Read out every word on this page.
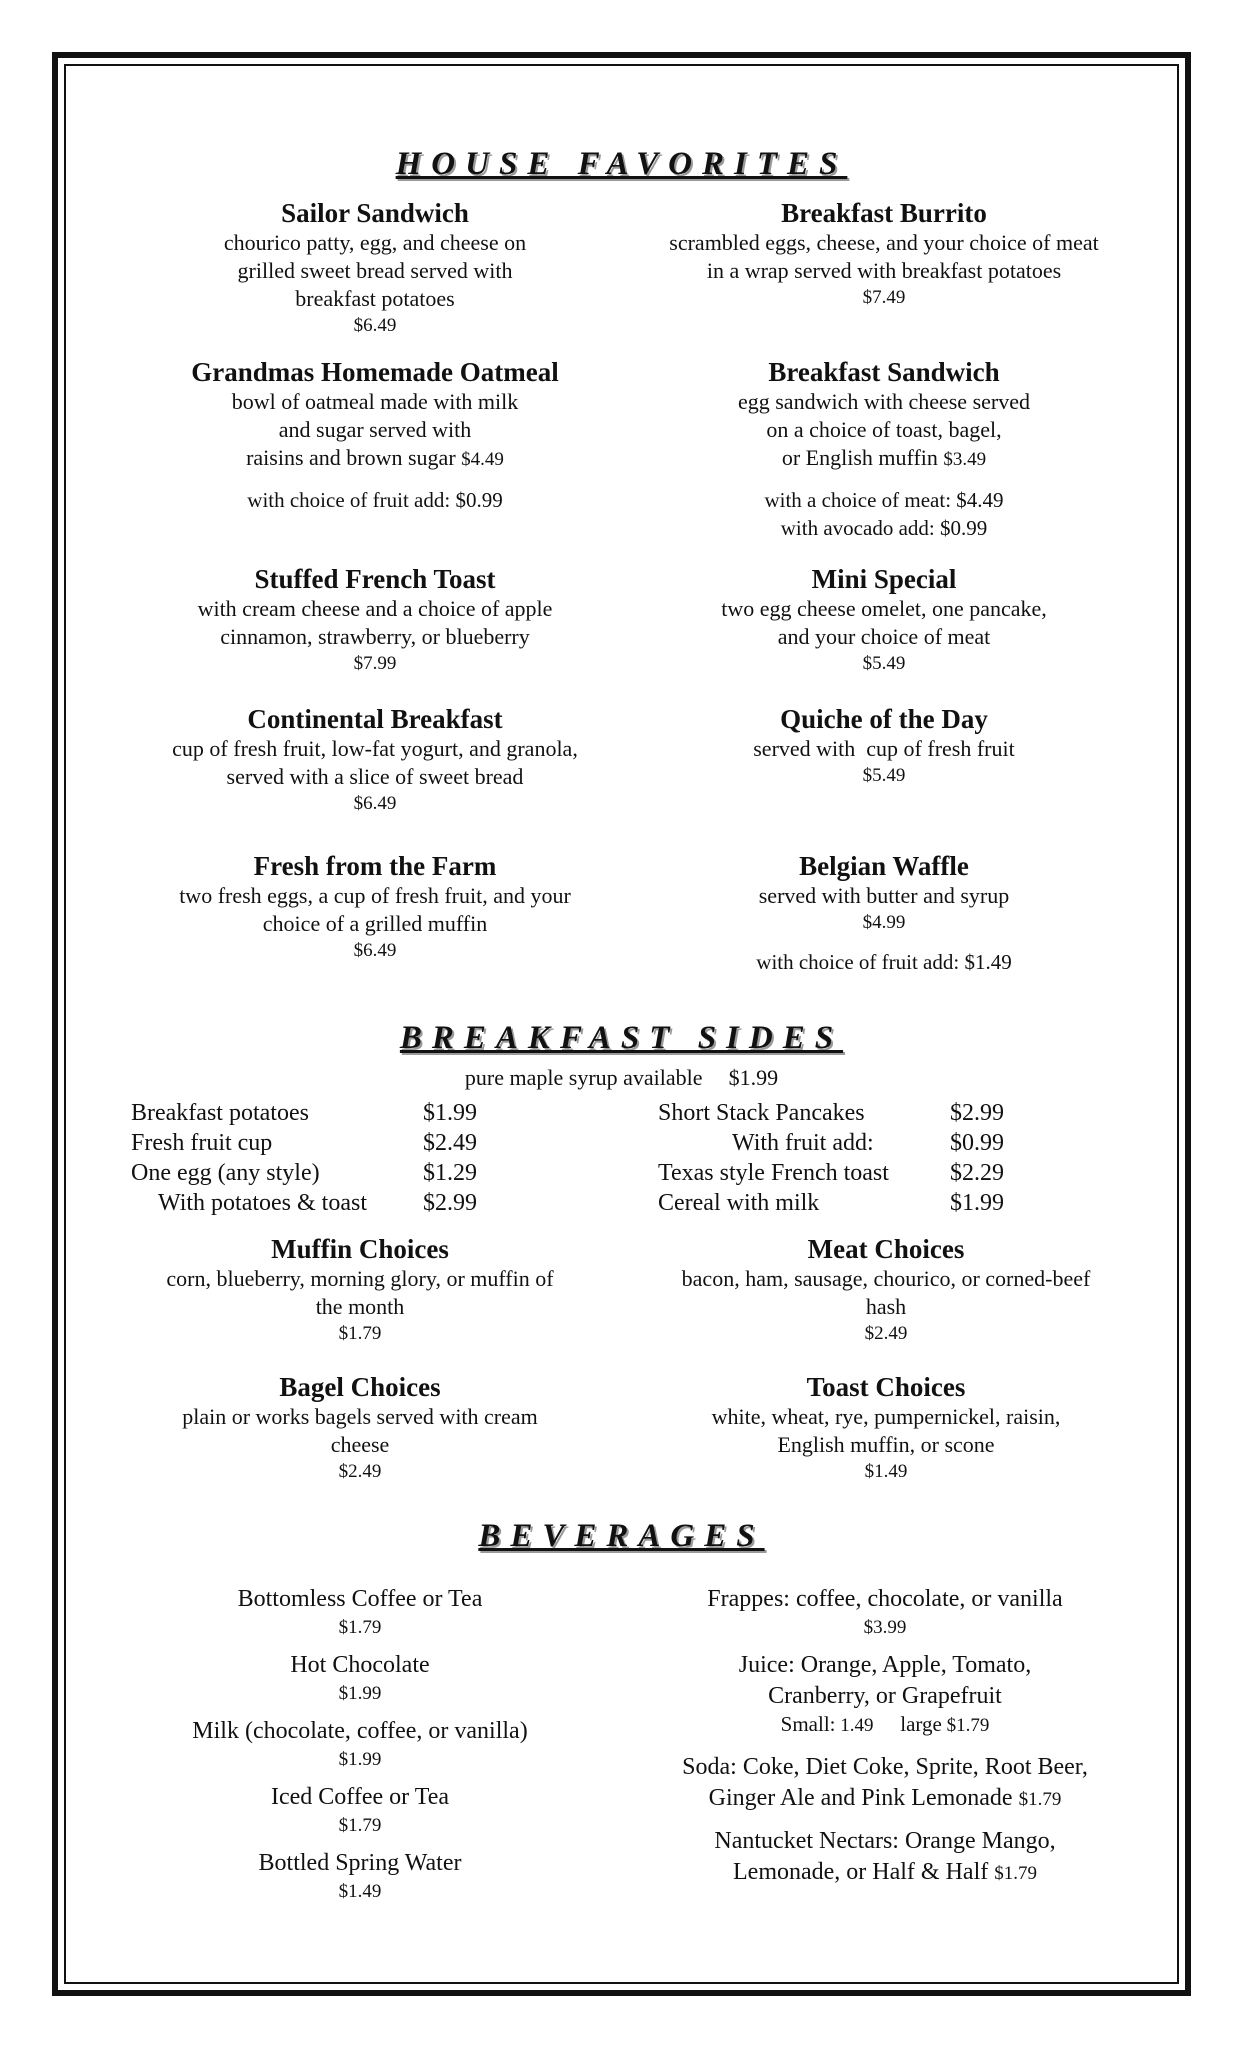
HOUSE FAVORITES

Sailor Sandwich

chourico patty, egg, and cheese on

grilled sweet bread served with

breakfast potatoes

$6.49

Grandmas Homemade Oatmeal

bowl of oatmeal made with milk

and sugar served with

raisins and brown sugar $4.49

with choice of fruit add: $0.99

Stuffed French Toast

with cream cheese and a choice of apple

cinnamon, strawberry, or blueberry

$7.99

Continental Breakfast

cup of fresh fruit, low-fat yogurt, and granola,

served with a slice of sweet bread

$6.49

Fresh from the Farm

two fresh eggs, a cup of fresh fruit, and your

choice of a grilled muffin

$6.49

Breakfast Burrito

scrambled eggs, cheese, and your choice of meat

in a wrap served with breakfast potatoes

$7.49

Breakfast Sandwich

egg sandwich with cheese served

on a choice of toast, bagel,

or English muffin $3.49

with a choice of meat: $4.49

with avocado add: $0.99

Mini Special

two egg cheese omelet, one pancake,

and your choice of meat

$5.49

Quiche of the Day

served with  cup of fresh fruit

$5.49

Belgian Waffle

served with butter and syrup

$4.99

with choice of fruit add: $1.49

BREAKFAST SIDES

pure maple syrup available $1.99

Breakfast potatoes	$1.99
Fresh fruit cup	$2.49
One egg (any style)	$1.29
With potatoes & toast $2.99
Short Stack Pancakes	$2.99
With fruit add:	$0.99
Texas style French toast	$2.29
Cereal with milk	$1.99

Muffin Choices

corn, blueberry, morning glory, or muffin of

the month

$1.79

Meat Choices

bacon, ham, sausage, chourico, or corned-beef

hash

$2.49

Bagel Choices

plain or works bagels served with cream

cheese

$2.49

Toast Choices

white, wheat, rye, pumpernickel, raisin,

English muffin, or scone

$1.49

BEVERAGES

Bottomless Coffee or Tea

$1.79

Hot Chocolate

$1.99

Milk (chocolate, coffee, or vanilla)

$1.99

Iced Coffee or Tea

$1.79

Bottled Spring Water

$1.49

Frappes: coffee, chocolate, or vanilla

$3.99

Juice: Orange, Apple, Tomato,

Cranberry, or Grapefruit

Small: 1.49 large $1.79

Soda: Coke, Diet Coke, Sprite, Root Beer,

Ginger Ale and Pink Lemonade $1.79

Nantucket Nectars: Orange Mango,

Lemonade, or Half & Half $1.79
